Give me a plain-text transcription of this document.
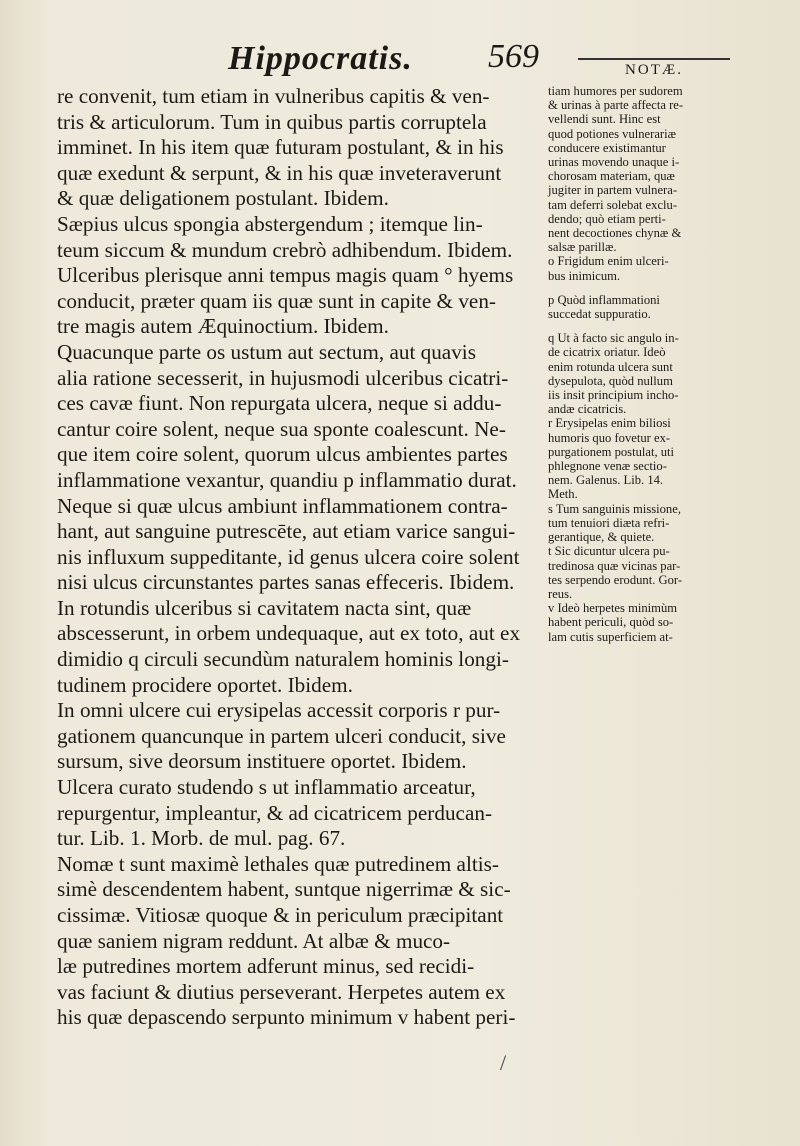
Hippocratis. 569	NOTÆ.
re convenit, tum etiam in vulneribus capitis & ven-
tris & articulorum. Tum in quibus partis corruptela
imminet. In his item quæ futuram postulant, & in his
quæ exedunt & serpunt, & in his quæ inveteraverunt
& quæ deligationem postulant. Ibidem.
Sæpius ulcus spongia abstergendum ; itemque lin-
teum siccum & mundum crebrò adhibendum. Ibidem.
Ulceribus plerisque anni tempus magis quam ° hyems
conducit, præter quam iis quæ sunt in capite & ven-
tre magis autem Æquinoctium. Ibidem.
Quacunque parte os ustum aut sectum, aut quavis
alia ratione secesserit, in hujusmodi ulceribus cicatri-
ces cavæ fiunt. Non repurgata ulcera, neque si addu-
cantur coire solent, neque sua sponte coalescunt. Ne-
que item coire solent, quorum ulcus ambientes partes
inflammatione vexantur, quandiu p inflammatio durat.
Neque si quæ ulcus ambiunt inflammationem contra-
hant, aut sanguine putrescēte, aut etiam varice sangui-
nis influxum suppeditante, id genus ulcera coire solent
nisi ulcus circunstantes partes sanas effeceris. Ibidem.
In rotundis ulceribus si cavitatem nacta sint, quæ
abscesserunt, in orbem undequaque, aut ex toto, aut ex
dimidio q circuli secundùm naturalem hominis longi-
tudinem procidere oportet. Ibidem.
In omni ulcere cui erysipelas accessit corporis r pur-
gationem quancunque in partem ulceri conducit, sive
sursum, sive deorsum instituere oportet. Ibidem.
Ulcera curato studendo s ut inflammatio arceatur,
repurgentur, impleantur, & ad cicatricem perducan-
tur. Lib. 1. Morb. de mul. pag. 67.
Nomæ t sunt maximè lethales quæ putredinem altis-
simè descendentem habent, suntque nigerrimæ & sic-
cissimæ. Vitiosæ quoque & in periculum præcipitant
quæ saniem nigram reddunt. At albæ & muco-
læ putredines mortem adferunt minus, sed recidi-
vas faciunt & diutius perseverant. Herpetes autem ex
his quæ depascendo serpunto minimum v habent peri-
tiam humores per sudorem
& urinas à parte affecta re-
vellendi sunt. Hinc est
quod potiones vulnerariæ
conducere existimantur
urinas movendo unaque i-
chorosam materiam, quæ
jugiter in partem vulnera-
tam deferri solebat exclu-
dendo; quò etiam perti-
nent decoctiones chynæ &
salsæ parillæ.
o Frigidum enim ulceri-
bus inimicum.
p Quòd inflammationi
succedat suppuratio.
q Ut à facto sic angulo in-
de cicatrix oriatur. Ideò
enim rotunda ulcera sunt
dysepulota, quòd nullum
iis insit principium incho-
andæ cicatricis.
r Erysipelas enim biliosi
humoris quo fovetur ex-
purgationem postulat, uti
phlegnone venæ sectio-
nem. Galenus. Lib. 14.
Meth.
s Tum sanguinis missione,
tum tenuiori diæta refri-
gerantique, & quiete.
t Sic dicuntur ulcera pu-
tredinosa quæ vicinas par-
tes serpendo erodunt. Gor-
reus.
v Ideò herpetes minimùm
habent periculi, quòd so-
lam cutis superficiem at-
/
